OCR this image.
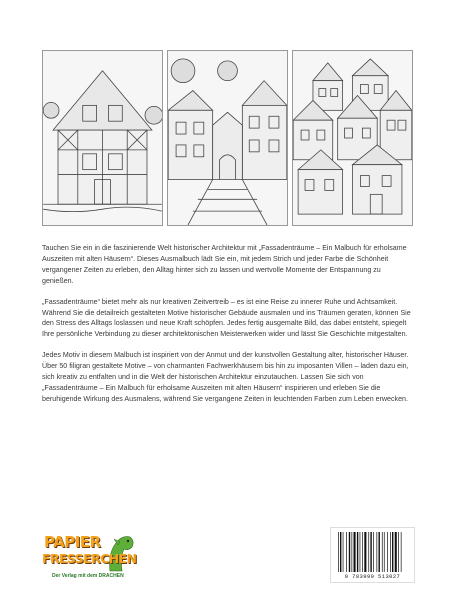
Tauchen Sie ein in die faszinierende Welt historischer Architektur mit „Fassadenträume – Ein Malbuch für erholsame Auszeiten mit alten Häusern“. Dieses Ausmalbuch lädt Sie ein, mit jedem Strich und jeder Farbe die Schönheit vergangener Zeiten zu erleben, den Alltag hinter sich zu lassen und wertvolle Momente der Entspannung zu genießen.

„Fassadenträume“ bietet mehr als nur kreativen Zeitvertreib – es ist eine Reise zu innerer Ruhe und Achtsamkeit. Während Sie die detailreich gestalteten Motive historischer Gebäude ausmalen und ins Träumen geraten, können Sie den Stress des Alltags loslassen und neue Kraft schöpfen. Jedes fertig ausgemalte Bild, das dabei entsteht, spiegelt Ihre persönliche Verbindung zu dieser architektonischen Meisterwerken wider und lässt Sie Geschichte mitgestalten.

Jedes Motiv in diesem Malbuch ist inspiriert von der Anmut und der kunstvollen Gestaltung alter, historischer Häuser. Über 50 filigran gestaltete Motive – von charmanten Fachwerkhäusern bis hin zu imposanten Villen – laden dazu ein, sich kreativ zu entfalten und in die Welt der historischen Architektur einzutauchen. Lassen Sie sich von „Fassadenträume – Ein Malbuch für erholsame Auszeiten mit alten Häusern“ inspirieren und erleben Sie die beruhigende Wirkung des Ausmalens, während Sie vergangene Zeiten in leuchtenden Farben zum Leben erwecken.

PAPIER
FRESSERCHEN
Der Verlag mit dem DRACHEN	9 783990 513027
